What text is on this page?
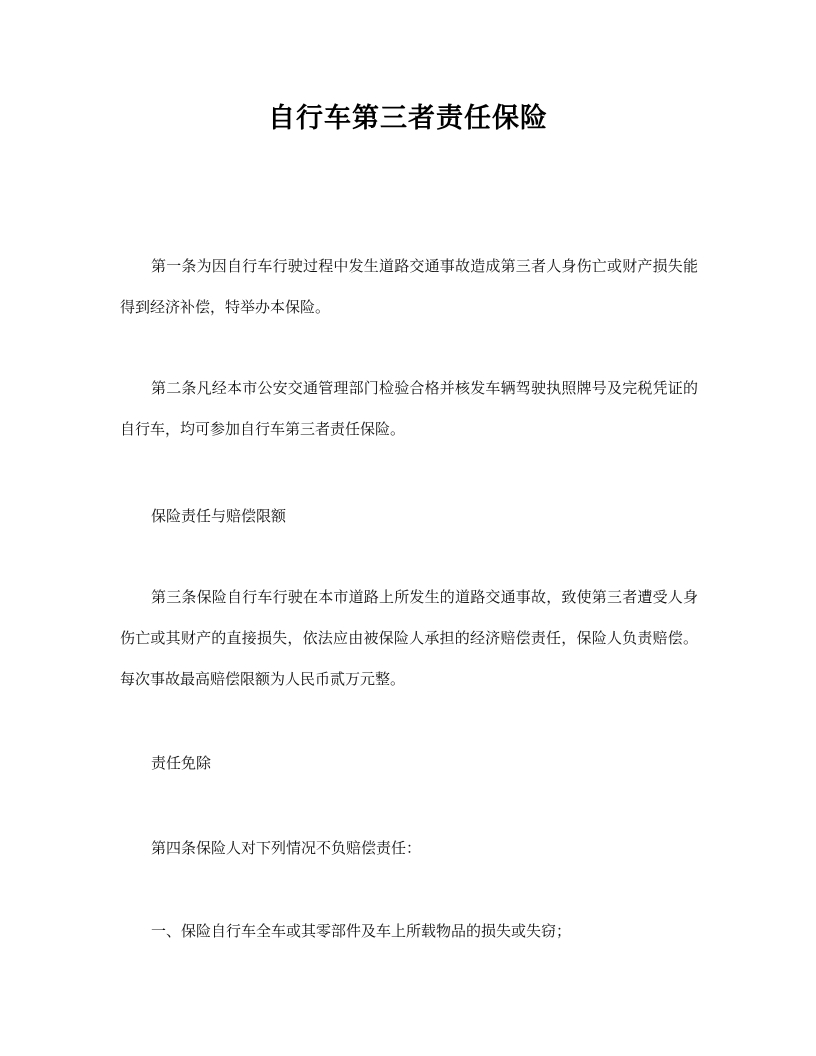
自行车第三者责任保险
第一条为因自行车行驶过程中发生道路交通事故造成第三者人身伤亡或财产损失能得到经济补偿，特举办本保险。
第二条凡经本市公安交通管理部门检验合格并核发车辆驾驶执照牌号及完税凭证的自行车，均可参加自行车第三者责任保险。
保险责任与赔偿限额
第三条保险自行车行驶在本市道路上所发生的道路交通事故，致使第三者遭受人身伤亡或其财产的直接损失，依法应由被保险人承担的经济赔偿责任，保险人负责赔偿。每次事故最高赔偿限额为人民币贰万元整。
责任免除
第四条保险人对下列情况不负赔偿责任：
一、保险自行车全车或其零部件及车上所载物品的损失或失窃；
